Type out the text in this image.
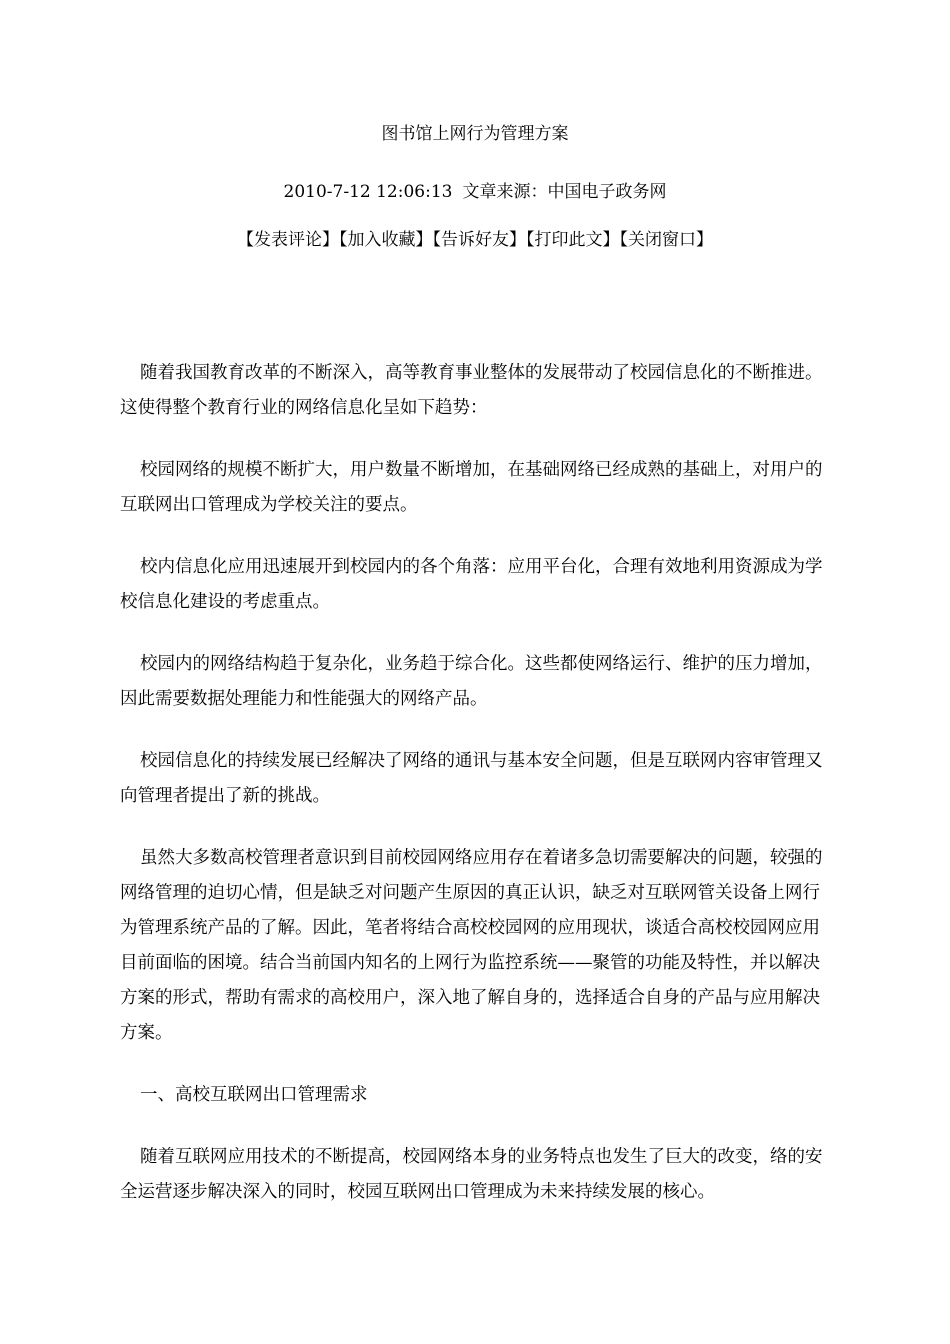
图书馆上网行为管理方案
2010-7-12 12:06:13 文章来源：中国电子政务网
【发表评论】【加入收藏】【告诉好友】【打印此文】【关闭窗口】

随着我国教育改革的不断深入，高等教育事业整体的发展带动了校园信息化的不断推进。这使得整个教育行业的网络信息化呈如下趋势：

校园网络的规模不断扩大，用户数量不断增加，在基础网络已经成熟的基础上，对用户的互联网出口管理成为学校关注的要点。

校内信息化应用迅速展开到校园内的各个角落：应用平台化，合理有效地利用资源成为学校信息化建设的考虑重点。

校园内的网络结构趋于复杂化，业务趋于综合化。这些都使网络运行、维护的压力增加，　因此需要数据处理能力和性能强大的网络产品。

校园信息化的持续发展已经解决了网络的通讯与基本安全问题，但是互联网内容审管理又向管理者提出了新的挑战。

虽然大多数高校管理者意识到目前校园网络应用存在着诸多急切需要解决的问题，较强的网络管理的迫切心情，但是缺乏对问题产生原因的真正认识，缺乏对互联网管关设备上网行为管理系统产品的了解。因此，笔者将结合高校校园网的应用现状，谈适合高校校园网应用目前面临的困境。结合当前国内知名的上网行为监控系统——聚管的功能及特性，并以解决方案的形式，帮助有需求的高校用户，深入地了解自身的，选择适合自身的产品与应用解决方案。

一、高校互联网出口管理需求

随着互联网应用技术的不断提高，校园网络本身的业务特点也发生了巨大的改变，络的安全运营逐步解决深入的同时，校园互联网出口管理成为未来持续发展的核心。
